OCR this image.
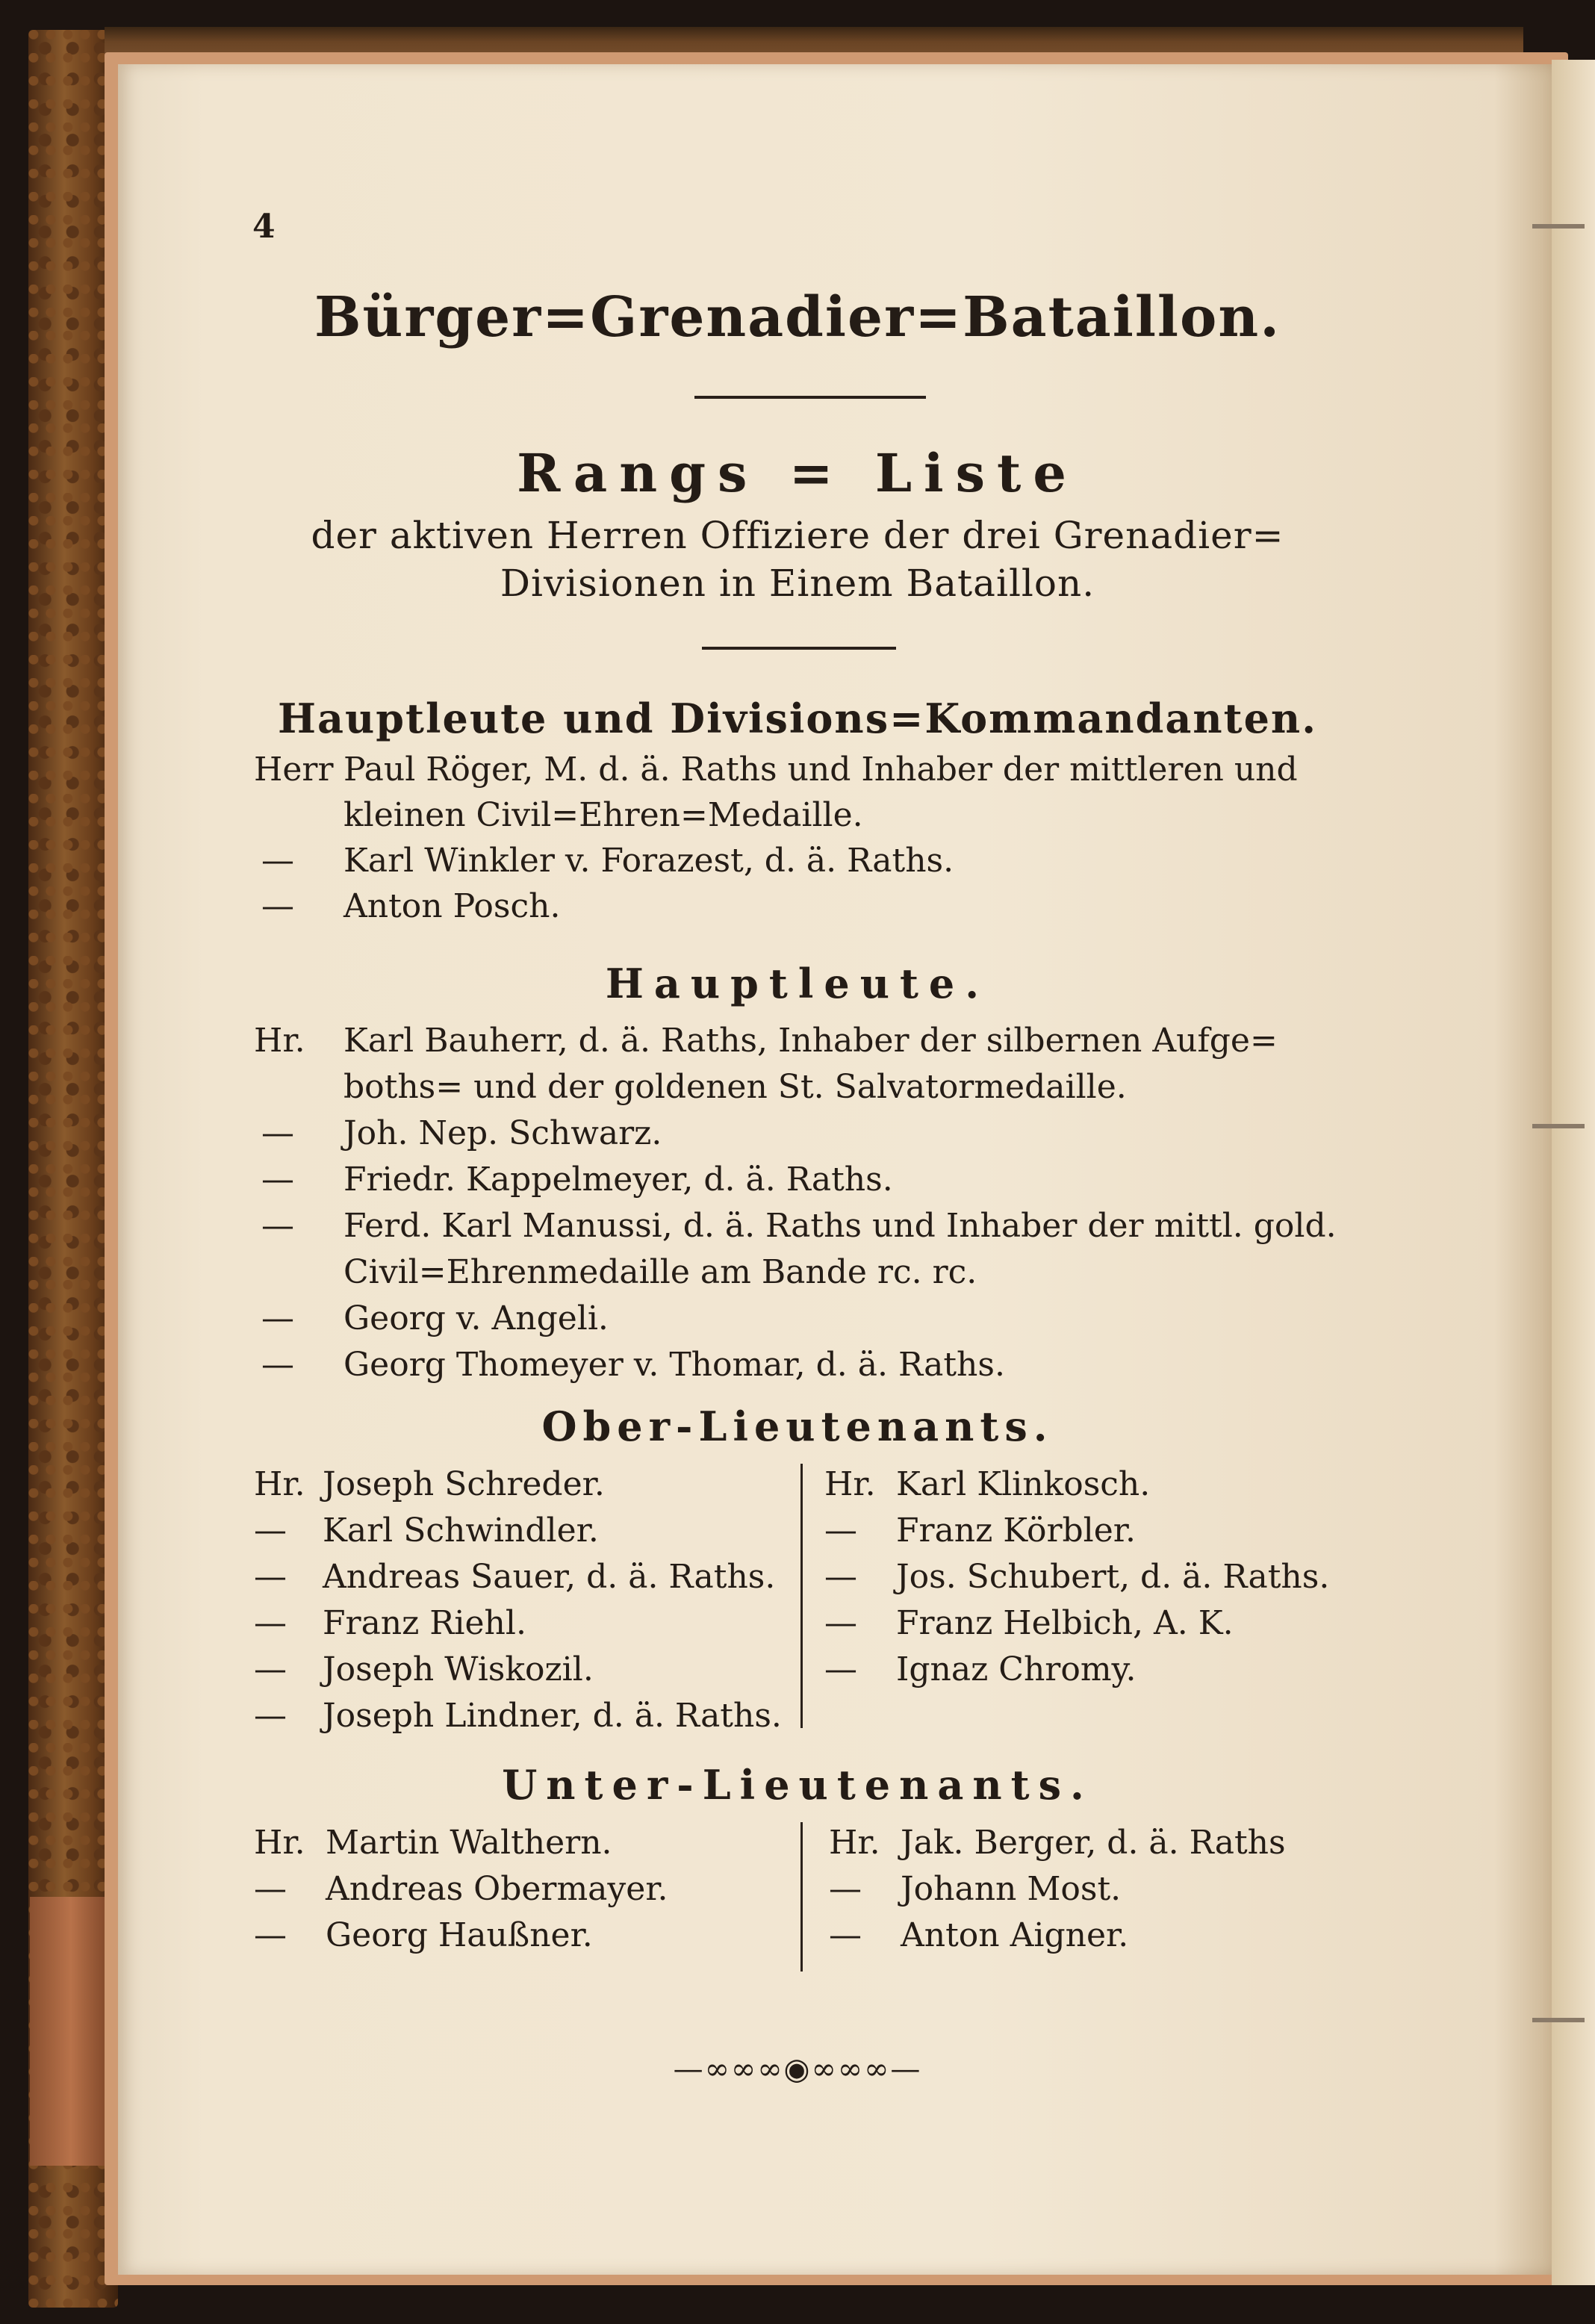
4
Bürger=Grenadier=Bataillon.
Rangs = Liste
der aktiven Herren Offiziere der drei Grenadier=
Divisionen in Einem Bataillon.
Hauptleute und Divisions=Kommandanten.
Herr Paul Röger, M. d. ä. Raths und Inhaber der mittleren und
kleinen Civil=Ehren=Medaille.
— Karl Winkler v. Forazest, d. ä. Raths.
— Anton Posch.
Hauptleute.
Hr. Karl Bauherr, d. ä. Raths, Inhaber der silbernen Aufge=
boths= und der goldenen St. Salvatormedaille.
— Joh. Nep. Schwarz.
— Friedr. Kappelmeyer, d. ä. Raths.
— Ferd. Karl Manussi, d. ä. Raths und Inhaber der mittl. gold.
Civil=Ehrenmedaille am Bande rc. rc.
— Georg v. Angeli.
— Georg Thomeyer v. Thomar, d. ä. Raths.
Ober-Lieutenants.
Hr. Joseph Schreder.
— Karl Schwindler.
— Andreas Sauer, d. ä. Raths.
— Franz Riehl.
— Joseph Wiskozil.
— Joseph Lindner, d. ä. Raths.
Hr. Karl Klinkosch.
— Franz Körbler.
— Jos. Schubert, d. ä. Raths.
— Franz Helbich, A. K.
— Ignaz Chromy.
Unter-Lieutenants.
Hr. Martin Walthern.
— Andreas Obermayer.
— Georg Haußner.
Hr. Jak. Berger, d. ä. Raths
— Johann Most.
— Anton Aigner.
—∞∞∞◉∞∞∞—
